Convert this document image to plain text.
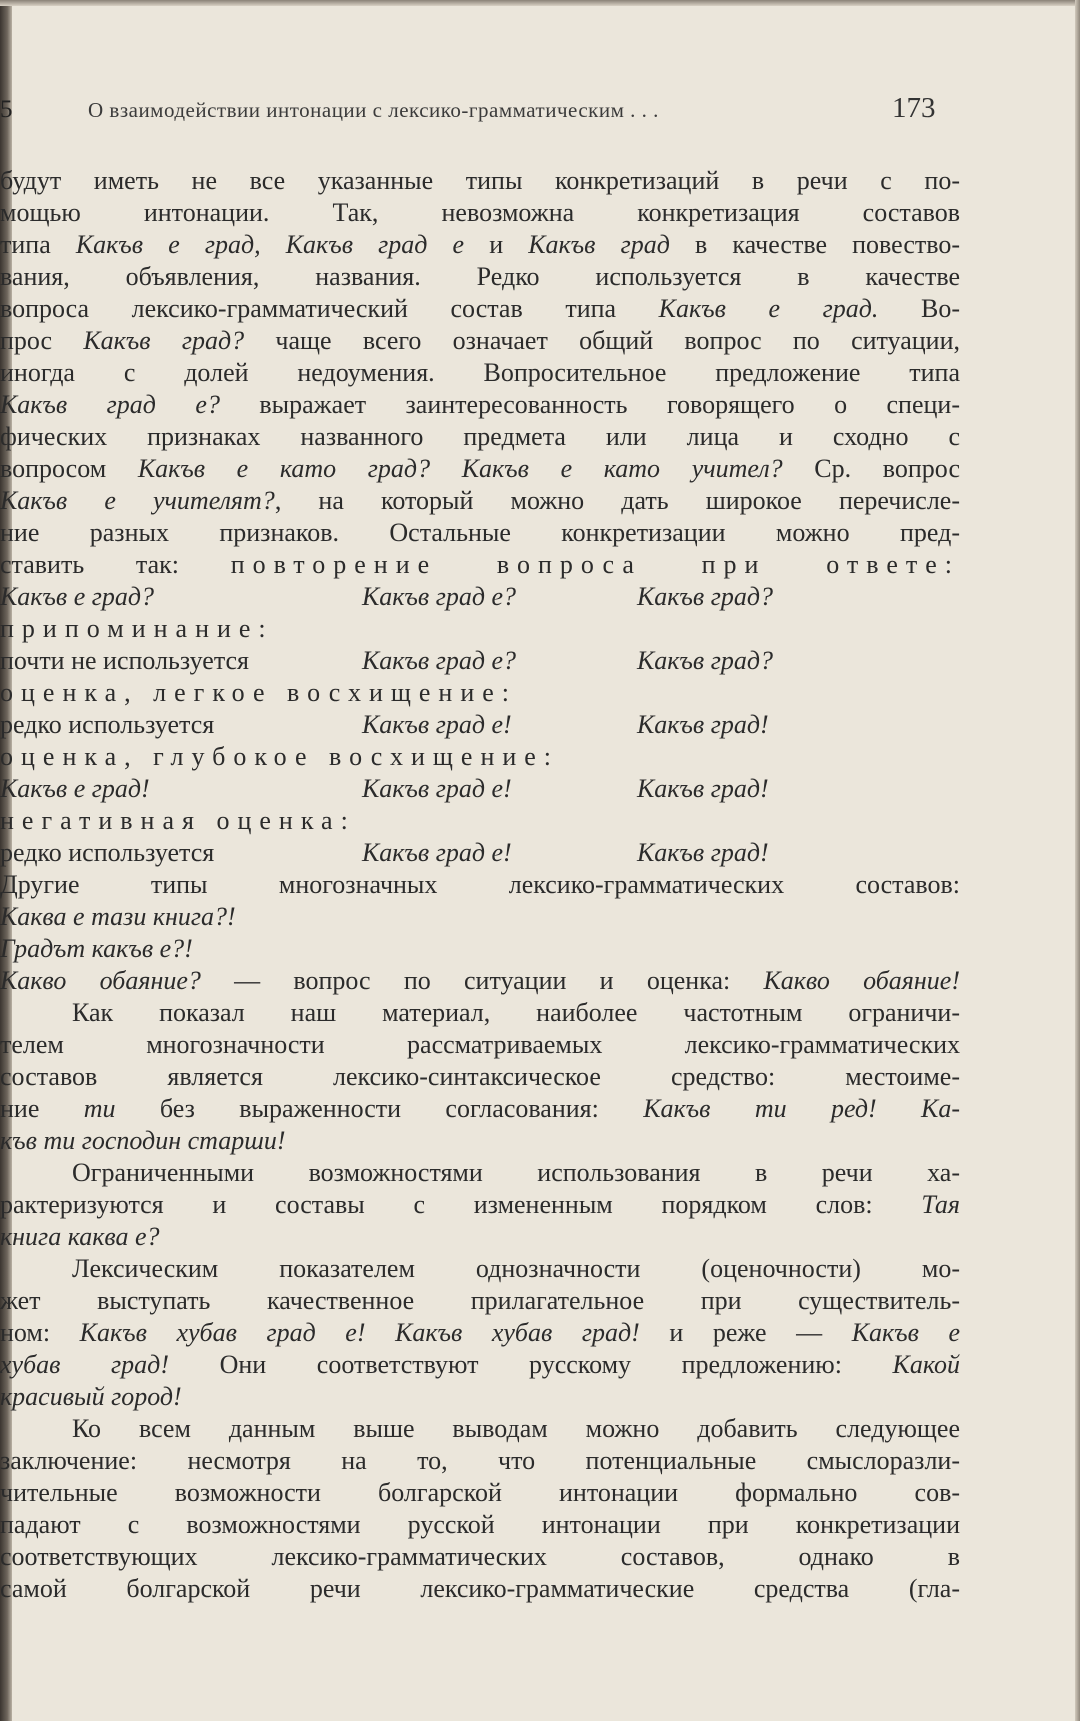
5	О взаимодействии интонации с лексико-грамматическим . . .	173
будут иметь не все указанные типы конкретизаций в речи с по-
мощью интонации. Так, невозможна конкретизация составов
типа Какъв е град, Какъв град е и Какъв град в качестве повество-
вания, объявления, названия. Редко используется в качестве
вопроса лексико-грамматический состав типа Какъв е град. Во-
прос Какъв град? чаще всего означает общий вопрос по ситуации,
иногда с долей недоумения. Вопросительное предложение типа
Какъв град е? выражает заинтересованность говорящего о специ-
фических признаках названного предмета или лица и сходно с
вопросом Какъв е като град? Какъв е като учител? Ср. вопрос
Какъв е учителят?, на который можно дать широкое перечисле-
ние разных признаков. Остальные конкретизации можно пред-
ставить так: повторение вопроса при ответе:
Какъв е град?	Какъв град е?	Какъв град?
припоминание:
почти не используется	Какъв град е?	Какъв град?
оценка, легкое восхищение:
редко используется	Какъв град е!	Какъв град!
оценка, глубокое восхищение:
Какъв е град!	Какъв град е!	Какъв град!
негативная оценка:
редко используется	Какъв град е!	Какъв град!
Другие типы многозначных лексико-грамматических составов:
Каква е тази книга?!
Градът какъв е?!
Какво обаяние? — вопрос по ситуации и оценка: Какво обаяние!
Как показал наш материал, наиболее частотным ограничи-
телем многозначности рассматриваемых лексико-грамматических
составов является лексико-синтаксическое средство: местоиме-
ние ти без выраженности согласования: Какъв ти ред! Ка-
къв ти господин старши!
Ограниченными возможностями использования в речи ха-
рактеризуются и составы с измененным порядком слов: Тая
книга каква е?
Лексическим показателем однозначности (оценочности) мо-
жет выступать качественное прилагательное при существитель-
ном: Какъв хубав град е! Какъв хубав град! и реже — Какъв е
хубав град! Они соответствуют русскому предложению: Какой
красивый город!
Ко всем данным выше выводам можно добавить следующее
заключение: несмотря на то, что потенциальные смыслоразли-
чительные возможности болгарской интонации формально сов-
падают с возможностями русской интонации при конкретизации
соответствующих лексико-грамматических составов, однако в
самой болгарской речи лексико-грамматические средства (гла-
